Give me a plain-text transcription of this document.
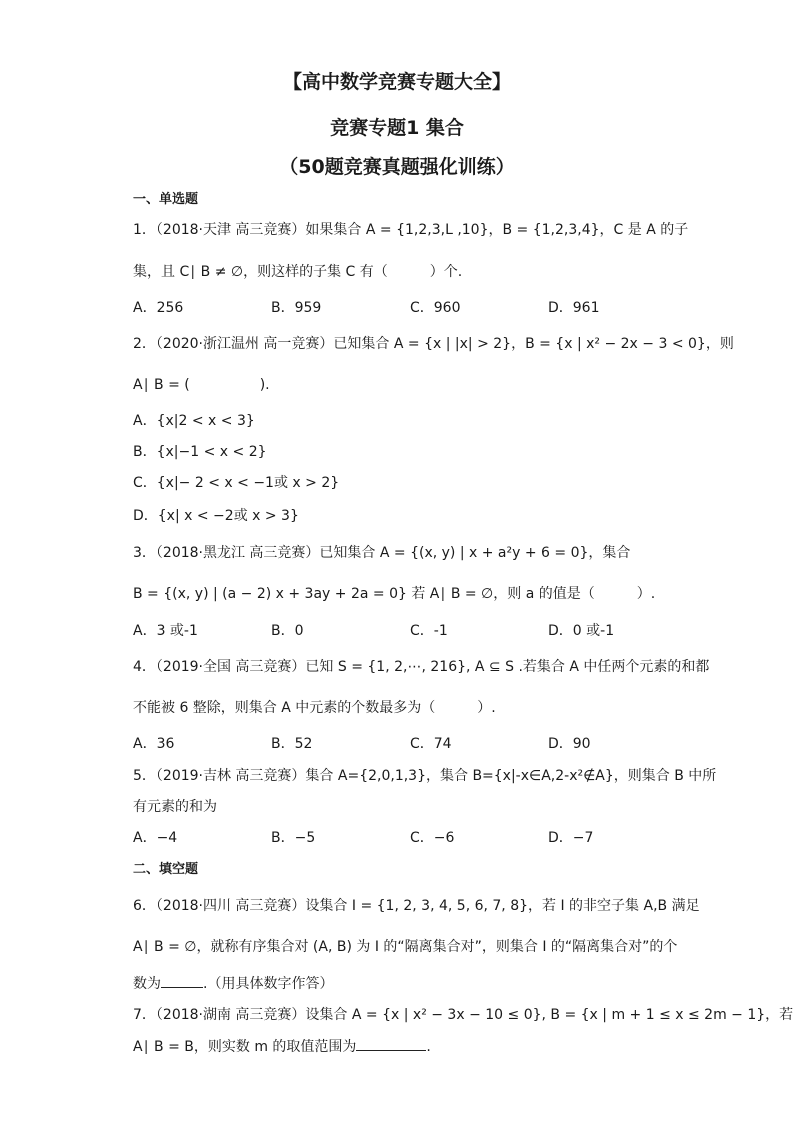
【高中数学竞赛专题大全】
竞赛专题1 集合
（50题竞赛真题强化训练）
一、单选题
1．（2018·天津 高三竞赛）如果集合 A = {1,2,3,L ,10}，B = {1,2,3,4}，C 是 A 的子
集，且 C∣ B ≠ ∅，则这样的子集 C 有（　　　）个.
A．256	B．959	C．960	D．961
2．（2020·浙江温州 高一竞赛）已知集合 A = {x | |x| > 2}，B = {x | x² − 2x − 3 < 0}，则
A∣ B = (　　　　　).
A．{x|2 < x < 3}
B．{x|−1 < x < 2}
C．{x|− 2 < x < −1或 x > 2}
D．{x| x < −2或 x > 3}
3．（2018·黑龙江 高三竞赛）已知集合 A = {(x, y) | x + a²y + 6 = 0}，集合
B = {(x, y) | (a − 2) x + 3ay + 2a = 0} 若 A∣ B = ∅，则 a 的值是（　　　）.
A．3 或-1	B．0	C．-1	D．0 或-1
4．（2019·全国 高三竞赛）已知 S = {1, 2,⋯, 216}, A ⊆ S .若集合 A 中任两个元素的和都
不能被 6 整除，则集合 A 中元素的个数最多为（　　　）.
A．36	B．52	C．74	D．90
5．（2019·吉林 高三竞赛）集合 A={2,0,1,3}，集合 B={x|-x∈A,2-x²∉A}，则集合 B 中所
有元素的和为
A．−4	B．−5	C．−6	D．−7
二、填空题
6．（2018·四川 高三竞赛）设集合 I = {1, 2, 3, 4, 5, 6, 7, 8}，若 I 的非空子集 A,B 满足
A∣ B = ∅，就称有序集合对 (A, B) 为 I 的“隔离集合对”，则集合 I 的“隔离集合对”的个
数为	.（用具体数字作答）
7．（2018·湖南 高三竞赛）设集合 A = {x | x² − 3x − 10 ≤ 0}, B = {x | m + 1 ≤ x ≤ 2m − 1}，若
A∣ B = B，则实数 m 的取值范围为	.
